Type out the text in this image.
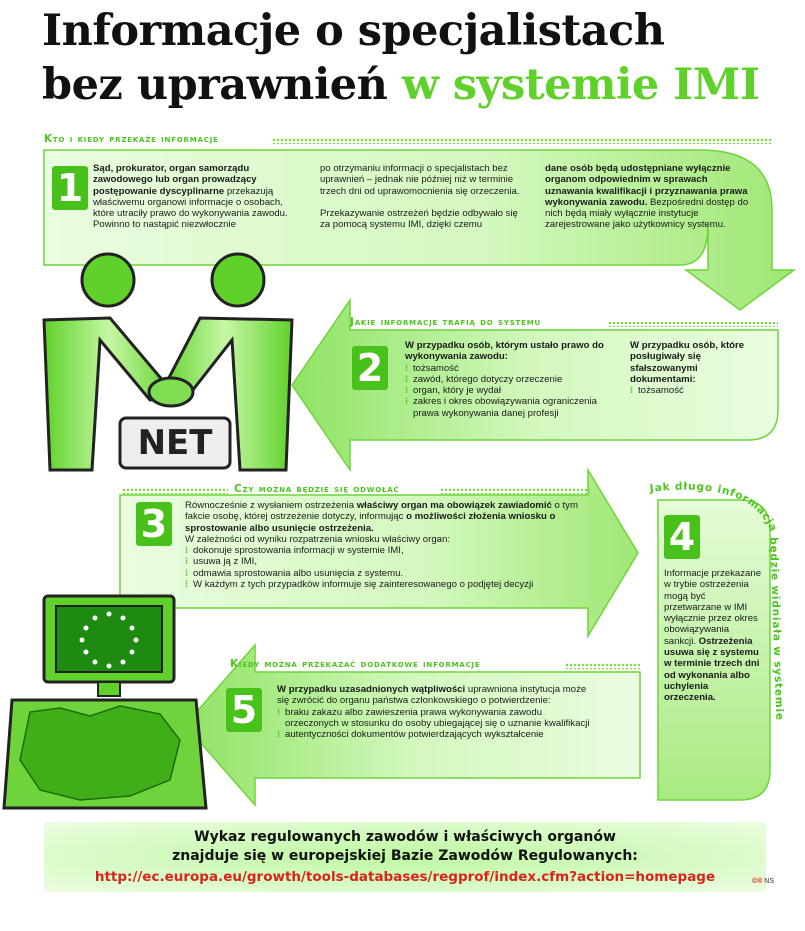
Informacje o specjalistach
bez uprawnień w systemie IMI
NET
Kto i kiedy przekaże informacje
1	Sąd, prokurator, organ samorządu zawodowego lub organ prowadzący postępowanie dyscyplinarne przekazują właściwemu organowi informacje o osobach, które utraciły prawo do wykonywania zawodu.

Powinno to nastąpić niezwłocznie

po otrzymaniu informacji o specjalistach bez uprawnień – jednak nie później niż w terminie trzech dni od uprawomocnienia się orzeczenia.

Przekazywanie ostrzeżeń będzie odbywało się za pomocą systemu IMI, dzięki czemu

dane osób będą udostępniane wyłącznie organom odpowiednim w sprawach uznawania kwalifikacji i przyznawania prawa wykonywania zawodu. Bezpośredni dostęp do nich będą miały wyłącznie instytucje zarejestrowane jako użytkownicy systemu.

Jakie informacje trafią do systemu
2

W przypadku osób, którym ustało prawo do wykonywania zawodu:

⁝ tożsamość

⁝ zawód, którego dotyczy orzeczenie

⁝ organ, który je wydał

⁝ zakres i okres obowiązywania ograniczenia prawa wykonywania danej profesji

W przypadku osób, które posługiwały się sfałszowanymi dokumentami:

⁝ tożsamość

Czy można będzie się odwołać
3	Równocześnie z wysłaniem ostrzeżenia właściwy organ ma obowiązek zawiadomić o tym fakcie osobę, której ostrzeżenie dotyczy, informując o możliwości złożenia wniosku o sprostowanie albo usunięcie ostrzeżenia.

W zależności od wyniku rozpatrzenia wniosku właściwy organ:

⁝ dokonuje sprostowania informacji w systemie IMI,

⁝ usuwa ją z IMI,

⁝ odmawia sprostowania albo usunięcia z systemu.

⁝ W każdym z tych przypadków informuje się zainteresowanego o podjętej decyzji

Jak długo informacja będzie widniała w systemie
4

Informacje przekazane w trybie ostrzeżenia mogą być przetwarzane w IMI wyłącznie przez okres obowiązywania sankcji. Ostrzeżenia usuwa się z systemu w terminie trzech dni od wykonania albo uchylenia orzeczenia.

Kiedy można przekazać dodatkowe informacje
5	W przypadku uzasadnionych wątpliwości uprawniona instytucja może się zwrócić do organu państwa członkowskiego o potwierdzenie:

⁝ braku zakazu albo zawieszenia prawa wykonywania zawodu orzeczonych w stosunku do osoby ubiegającej się o uznanie kwalifikacji

⁝ autentyczności dokumentów potwierdzających wykształcenie

Wykaz regulowanych zawodów i właściwych organów
znajduje się w europejskiej Bazie Zawodów Regulowanych:
http://ec.europa.eu/growth/tools-databases/regprof/index.cfm?action=homepage	©® NS
